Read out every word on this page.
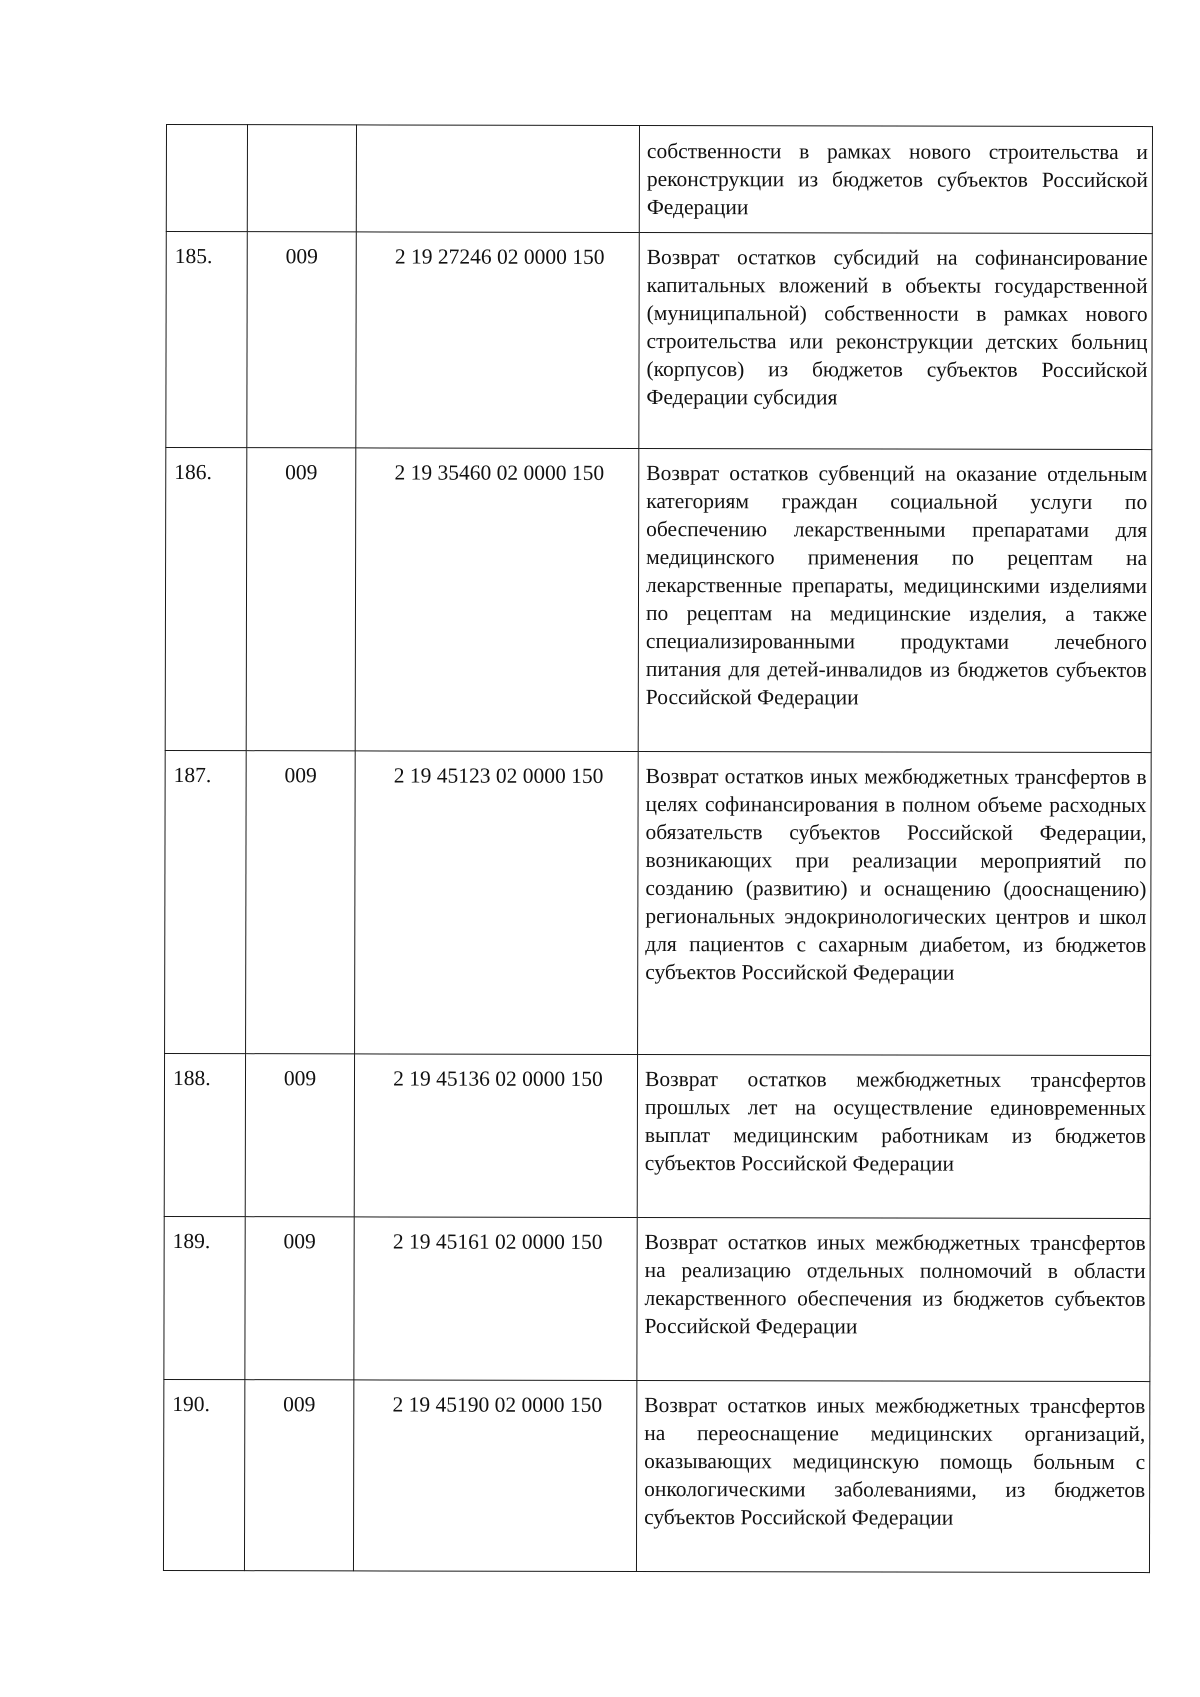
			собственности в рамках нового строительства и реконструкции из бюджетов субъектов Российской Федерации

185.	009	2 19 27246 02 0000 150	Возврат остатков субсидий на софинансирование капитальных вложений в объекты государственной (муниципальной) собственности в рамках нового строительства или реконструкции детских больниц (корпусов) из бюджетов субъектов Российской Федерации субсидия

186.	009	2 19 35460 02 0000 150	Возврат остатков субвенций на оказание отдельным категориям граждан социальной услуги по обеспечению лекарственными препаратами для медицинского применения по рецептам на лекарственные препараты, медицинскими изделиями по рецептам на медицинские изделия, а также специализированными продуктами лечебного питания для детей-инвалидов из бюджетов субъектов Российской Федерации

187.	009	2 19 45123 02 0000 150	Возврат остатков иных межбюджетных трансфертов в целях софинансирования в полном объеме расходных обязательств субъектов Российской Федерации, возникающих при реализации мероприятий по созданию (развитию) и оснащению (дооснащению) региональных эндокринологических центров и школ для пациентов с сахарным диабетом, из бюджетов субъектов Российской Федерации

188.	009	2 19 45136 02 0000 150	Возврат остатков межбюджетных трансфертов прошлых лет на осуществление единовременных выплат медицинским работникам из бюджетов субъектов Российской Федерации

189.	009	2 19 45161 02 0000 150	Возврат остатков иных межбюджетных трансфертов на реализацию отдельных полномочий в области лекарственного обеспечения из бюджетов субъектов Российской Федерации

190.	009	2 19 45190 02 0000 150	Возврат остатков иных межбюджетных трансфертов на переоснащение медицинских организаций, оказывающих медицинскую помощь больным с онкологическими заболеваниями, из бюджетов субъектов Российской Федерации
